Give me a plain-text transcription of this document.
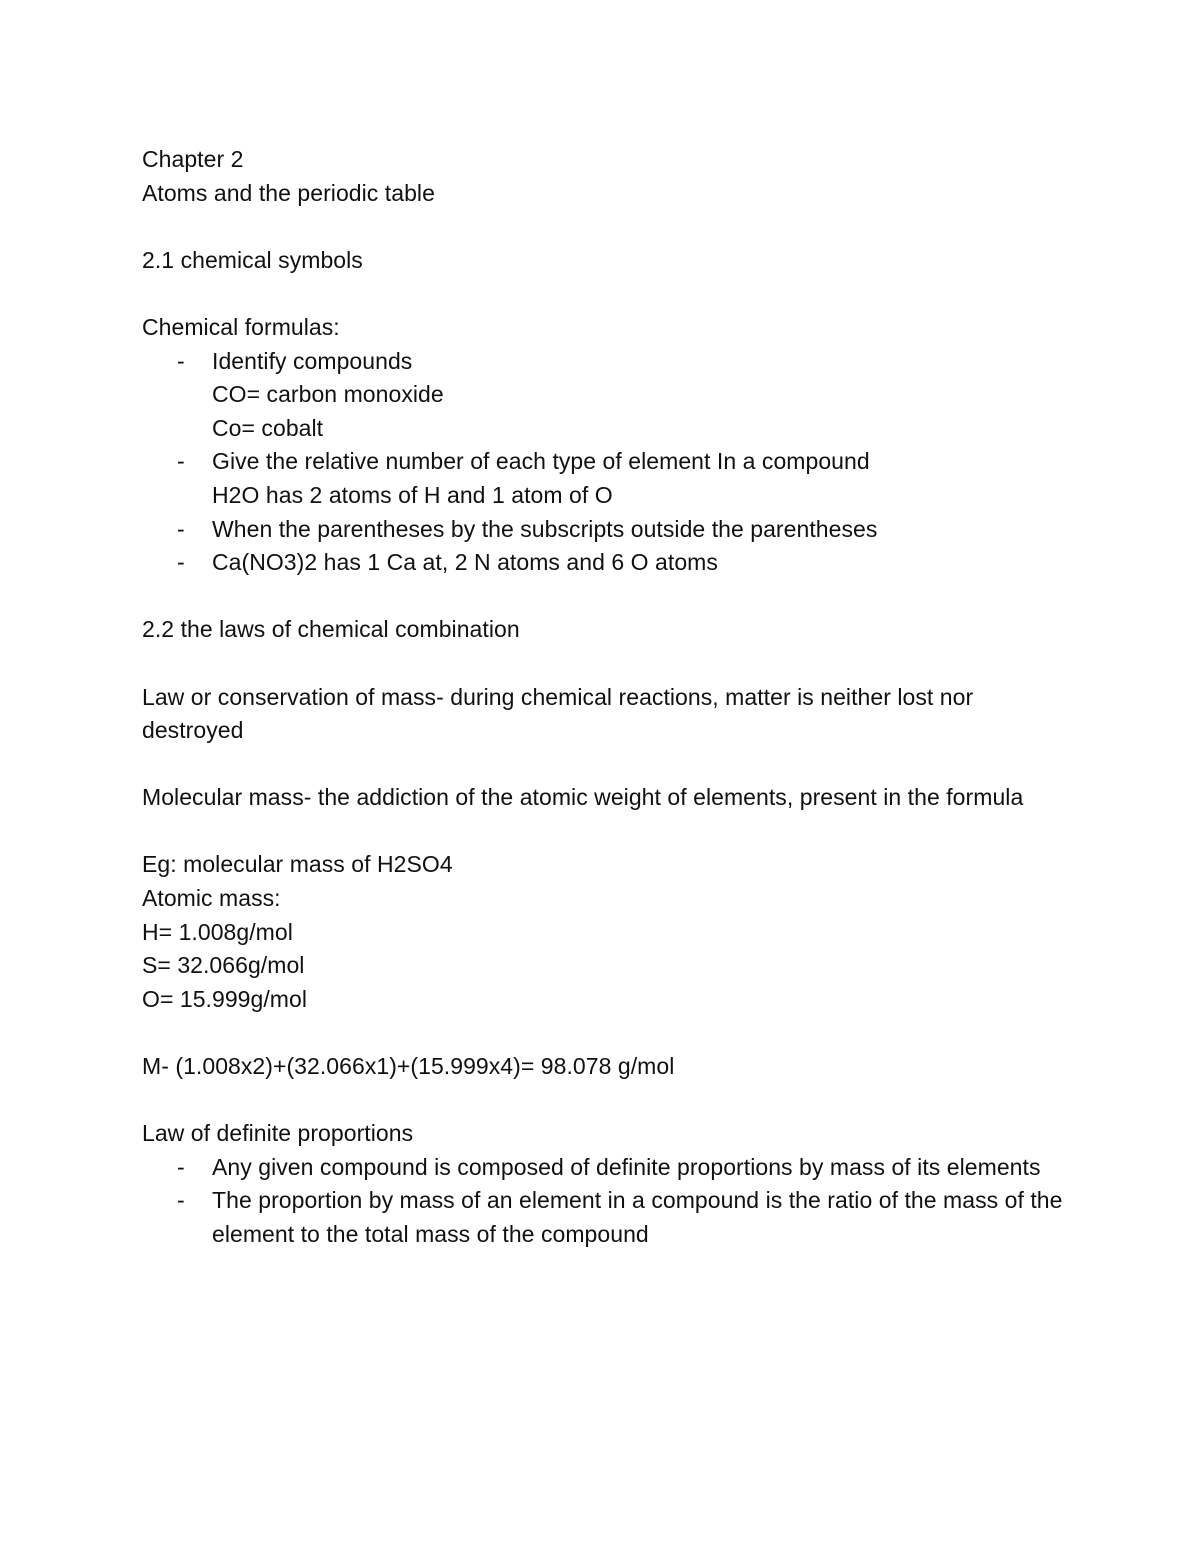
Chapter 2

Atoms and the periodic table

2.1 chemical symbols

Chemical formulas:

- Identify compounds
CO= carbon monoxide
Co= cobalt
- Give the relative number of each type of element In a compound
H2O has 2 atoms of H and 1 atom of O
- When the parentheses by the subscripts outside the parentheses
- Ca(NO3)2 has 1 Ca at, 2 N atoms and 6 O atoms

2.2 the laws of chemical combination

Law or conservation of mass- during chemical reactions, matter is neither lost nor destroyed

Molecular mass- the addiction of the atomic weight of elements, present in the formula

Eg: molecular mass of H2SO4

Atomic mass:

H= 1.008g/mol

S= 32.066g/mol

O= 15.999g/mol

M- (1.008x2)+(32.066x1)+(15.999x4)= 98.078 g/mol

Law of definite proportions

- Any given compound is composed of definite proportions by mass of its elements
- The proportion by mass of an element in a compound is the ratio of the mass of the element to the total mass of the compound
